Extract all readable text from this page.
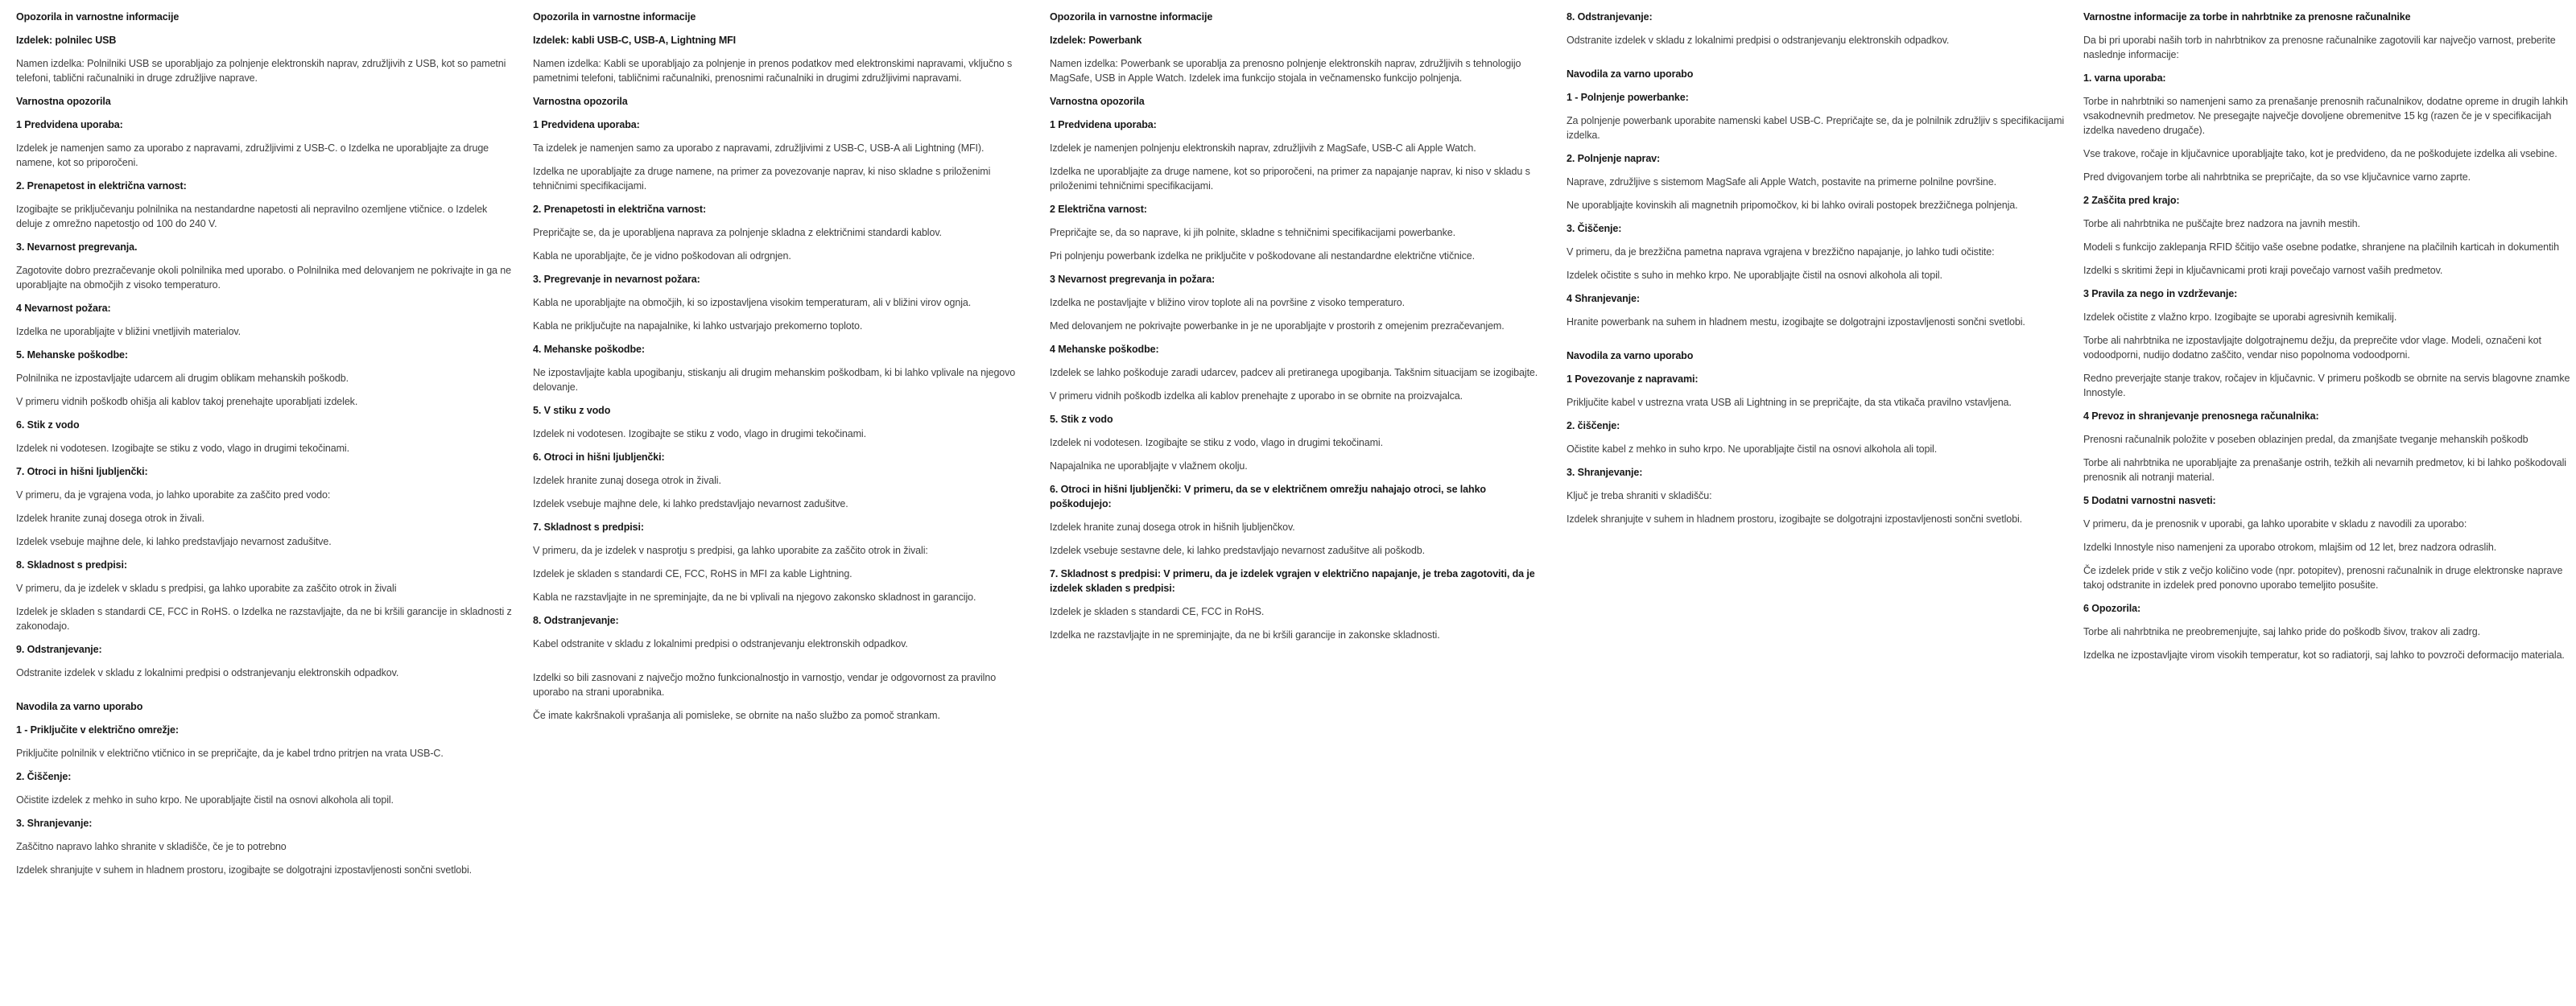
Opozorila in varnostne informacije
Izdelek: polnilec USB
Namen izdelka: Polnilniki USB se uporabljajo za polnjenje elektronskih naprav, združljivih z USB, kot so pametni telefoni, tablični računalniki in druge združljive naprave.
Varnostna opozorila
1 Predvidena uporaba:
Izdelek je namenjen samo za uporabo z napravami, združljivimi z USB-C. o Izdelka ne uporabljajte za druge namene, kot so priporočeni.
2. Prenapetost in električna varnost:
Izogibajte se priključevanju polnilnika na nestandardne napetosti ali nepravilno ozemljene vtičnice. o Izdelek deluje z omrežno napetostjo od 100 do 240 V.
3. Nevarnost pregrevanja.
Zagotovite dobro prezračevanje okoli polnilnika med uporabo. o Polnilnika med delovanjem ne pokrivajte in ga ne uporabljajte na območjih z visoko temperaturo.
4 Nevarnost požara:
Izdelka ne uporabljajte v bližini vnetljivih materialov.
5. Mehanske poškodbe:
Polnilnika ne izpostavljajte udarcem ali drugim oblikam mehanskih poškodb.
V primeru vidnih poškodb ohišja ali kablov takoj prenehajte uporabljati izdelek.
6. Stik z vodo
Izdelek ni vodotesen. Izogibajte se stiku z vodo, vlago in drugimi tekočinami.
7. Otroci in hišni ljubljenčki:
V primeru, da je vgrajena voda, jo lahko uporabite za zaščito pred vodo:
Izdelek hranite zunaj dosega otrok in živali.
Izdelek vsebuje majhne dele, ki lahko predstavljajo nevarnost zadušitve.
8. Skladnost s predpisi:
V primeru, da je izdelek v skladu s predpisi, ga lahko uporabite za zaščito otrok in živali
Izdelek je skladen s standardi CE, FCC in RoHS. o Izdelka ne razstavljajte, da ne bi kršili garancije in skladnosti z zakonodajo.
9. Odstranjevanje:
Odstranite izdelek v skladu z lokalnimi predpisi o odstranjevanju elektronskih odpadkov.
Navodila za varno uporabo
1 - Priključite v električno omrežje:
Priključite polnilnik v električno vtičnico in se prepričajte, da je kabel trdno pritrjen na vrata USB-C.
2. Čiščenje:
Očistite izdelek z mehko in suho krpo. Ne uporabljajte čistil na osnovi alkohola ali topil.
3. Shranjevanje:
Zaščitno napravo lahko shranite v skladišče, če je to potrebno
Izdelek shranjujte v suhem in hladnem prostoru, izogibajte se dolgotrajni izpostavljenosti sončni svetlobi.
Opozorila in varnostne informacije
Izdelek: kabli USB-C, USB-A, Lightning MFI
Namen izdelka: Kabli se uporabljajo za polnjenje in prenos podatkov med elektronskimi napravami, vključno s pametnimi telefoni, tabličnimi računalniki, prenosnimi računalniki in drugimi združljivimi napravami.
Varnostna opozorila
1 Predvidena uporaba:
Ta izdelek je namenjen samo za uporabo z napravami, združljivimi z USB-C, USB-A ali Lightning (MFI).
Izdelka ne uporabljajte za druge namene, na primer za povezovanje naprav, ki niso skladne s priloženimi tehničnimi specifikacijami.
2. Prenapetosti in električna varnost:
Prepričajte se, da je uporabljena naprava za polnjenje skladna z električnimi standardi kablov.
Kabla ne uporabljajte, če je vidno poškodovan ali odrgnjen.
3. Pregrevanje in nevarnost požara:
Kabla ne uporabljajte na območjih, ki so izpostavljena visokim temperaturam, ali v bližini virov ognja.
Kabla ne priključujte na napajalnike, ki lahko ustvarjajo prekomerno toploto.
4. Mehanske poškodbe:
Ne izpostavljajte kabla upogibanju, stiskanju ali drugim mehanskim poškodbam, ki bi lahko vplivale na njegovo delovanje.
5. V stiku z vodo
Izdelek ni vodotesen. Izogibajte se stiku z vodo, vlago in drugimi tekočinami.
6. Otroci in hišni ljubljenčki:
Izdelek hranite zunaj dosega otrok in živali.
Izdelek vsebuje majhne dele, ki lahko predstavljajo nevarnost zadušitve.
7. Skladnost s predpisi:
V primeru, da je izdelek v nasprotju s predpisi, ga lahko uporabite za zaščito otrok in živali:
Izdelek je skladen s standardi CE, FCC, RoHS in MFI za kable Lightning.
Kabla ne razstavljajte in ne spreminjajte, da ne bi vplivali na njegovo zakonsko skladnost in garancijo.
8. Odstranjevanje:
Kabel odstranite v skladu z lokalnimi predpisi o odstranjevanju elektronskih odpadkov.
Izdelki so bili zasnovani z največjo možno funkcionalnostjo in varnostjo, vendar je odgovornost za pravilno uporabo na strani uporabnika.
Če imate kakršnakoli vprašanja ali pomisleke, se obrnite na našo službo za pomoč strankam.
Opozorila in varnostne informacije
Izdelek: Powerbank
Namen izdelka: Powerbank se uporablja za prenosno polnjenje elektronskih naprav, združljivih s tehnologijo MagSafe, USB in Apple Watch. Izdelek ima funkcijo stojala in večnamensko funkcijo polnjenja.
Varnostna opozorila
1 Predvidena uporaba:
Izdelek je namenjen polnjenju elektronskih naprav, združljivih z MagSafe, USB-C ali Apple Watch.
Izdelka ne uporabljajte za druge namene, kot so priporočeni, na primer za napajanje naprav, ki niso v skladu s priloženimi tehničnimi specifikacijami.
2 Električna varnost:
Prepričajte se, da so naprave, ki jih polnite, skladne s tehničnimi specifikacijami powerbanke.
Pri polnjenju powerbank izdelka ne priključite v poškodovane ali nestandardne električne vtičnice.
3 Nevarnost pregrevanja in požara:
Izdelka ne postavljajte v bližino virov toplote ali na površine z visoko temperaturo.
Med delovanjem ne pokrivajte powerbanke in je ne uporabljajte v prostorih z omejenim prezračevanjem.
4 Mehanske poškodbe:
Izdelek se lahko poškoduje zaradi udarcev, padcev ali pretiranega upogibanja. Takšnim situacijam se izogibajte.
V primeru vidnih poškodb izdelka ali kablov prenehajte z uporabo in se obrnite na proizvajalca.
5. Stik z vodo
Izdelek ni vodotesen. Izogibajte se stiku z vodo, vlago in drugimi tekočinami.
Napajalnika ne uporabljajte v vlažnem okolju.
6. Otroci in hišni ljubljenčki: V primeru, da se v električnem omrežju nahajajo otroci, se lahko poškodujejo:
Izdelek hranite zunaj dosega otrok in hišnih ljubljenčkov.
Izdelek vsebuje sestavne dele, ki lahko predstavljajo nevarnost zadušitve ali poškodb.
7. Skladnost s predpisi: V primeru, da je izdelek vgrajen v električno napajanje, je treba zagotoviti, da je izdelek skladen s predpisi:
Izdelek je skladen s standardi CE, FCC in RoHS.
Izdelka ne razstavljajte in ne spreminjajte, da ne bi kršili garancije in zakonske skladnosti.
8. Odstranjevanje:
Odstranite izdelek v skladu z lokalnimi predpisi o odstranjevanju elektronskih odpadkov.
Navodila za varno uporabo
1 - Polnjenje powerbanke:
Za polnjenje powerbank uporabite namenski kabel USB-C. Prepričajte se, da je polnilnik združljiv s specifikacijami izdelka.
2. Polnjenje naprav:
Naprave, združljive s sistemom MagSafe ali Apple Watch, postavite na primerne polnilne površine.
Ne uporabljajte kovinskih ali magnetnih pripomočkov, ki bi lahko ovirali postopek brezžičnega polnjenja.
3. Čiščenje:
V primeru, da je brezžična pametna naprava vgrajena v brezžično napajanje, jo lahko tudi očistite:
Izdelek očistite s suho in mehko krpo. Ne uporabljajte čistil na osnovi alkohola ali topil.
4 Shranjevanje:
Hranite powerbank na suhem in hladnem mestu, izogibajte se dolgotrajni izpostavljenosti sončni svetlobi.
Navodila za varno uporabo
1 Povezovanje z napravami:
Priključite kabel v ustrezna vrata USB ali Lightning in se prepričajte, da sta vtikača pravilno vstavljena.
2. čiščenje:
Očistite kabel z mehko in suho krpo. Ne uporabljajte čistil na osnovi alkohola ali topil.
3. Shranjevanje:
Ključ je treba shraniti v skladišču:
Izdelek shranjujte v suhem in hladnem prostoru, izogibajte se dolgotrajni izpostavljenosti sončni svetlobi.
Varnostne informacije za torbe in nahrbtnike za prenosne računalnike
Da bi pri uporabi naših torb in nahrbtnikov za prenosne računalnike zagotovili kar največjo varnost, preberite naslednje informacije:
1. varna uporaba:
Torbe in nahrbtniki so namenjeni samo za prenašanje prenosnih računalnikov, dodatne opreme in drugih lahkih vsakodnevnih predmetov. Ne presegajte največje dovoljene obremenitve 15 kg (razen če je v specifikacijah izdelka navedeno drugače).
Vse trakove, ročaje in ključavnice uporabljajte tako, kot je predvideno, da ne poškodujete izdelka ali vsebine.
Pred dvigovanjem torbe ali nahrbtnika se prepričajte, da so vse ključavnice varno zaprte.
2 Zaščita pred krajo:
Torbe ali nahrbtnika ne puščajte brez nadzora na javnih mestih.
Modeli s funkcijo zaklepanja RFID ščitijo vaše osebne podatke, shranjene na plačilnih karticah in dokumentih
Izdelki s skritimi žepi in ključavnicami proti kraji povečajo varnost vaših predmetov.
3 Pravila za nego in vzdrževanje:
Izdelek očistite z vlažno krpo. Izogibajte se uporabi agresivnih kemikalij.
Torbe ali nahrbtnika ne izpostavljajte dolgotrajnemu dežju, da preprečite vdor vlage. Modeli, označeni kot vodoodporni, nudijo dodatno zaščito, vendar niso popolnoma vodoodporni.
Redno preverjajte stanje trakov, ročajev in ključavnic. V primeru poškodb se obrnite na servis blagovne znamke Innostyle.
4 Prevoz in shranjevanje prenosnega računalnika:
Prenosni računalnik položite v poseben oblazinjen predal, da zmanjšate tveganje mehanskih poškodb
Torbe ali nahrbtnika ne uporabljajte za prenašanje ostrih, težkih ali nevarnih predmetov, ki bi lahko poškodovali prenosnik ali notranji material.
5 Dodatni varnostni nasveti:
V primeru, da je prenosnik v uporabi, ga lahko uporabite v skladu z navodili za uporabo:
Izdelki Innostyle niso namenjeni za uporabo otrokom, mlajšim od 12 let, brez nadzora odraslih.
Če izdelek pride v stik z večjo količino vode (npr. potopitev), prenosni računalnik in druge elektronske naprave takoj odstranite in izdelek pred ponovno uporabo temeljito posušite.
6 Opozorila:
Torbe ali nahrbtnika ne preobremenjujte, saj lahko pride do poškodb šivov, trakov ali zadrg.
Izdelka ne izpostavljajte virom visokih temperatur, kot so radiatorji, saj lahko to povzroči deformacijo materiala.
